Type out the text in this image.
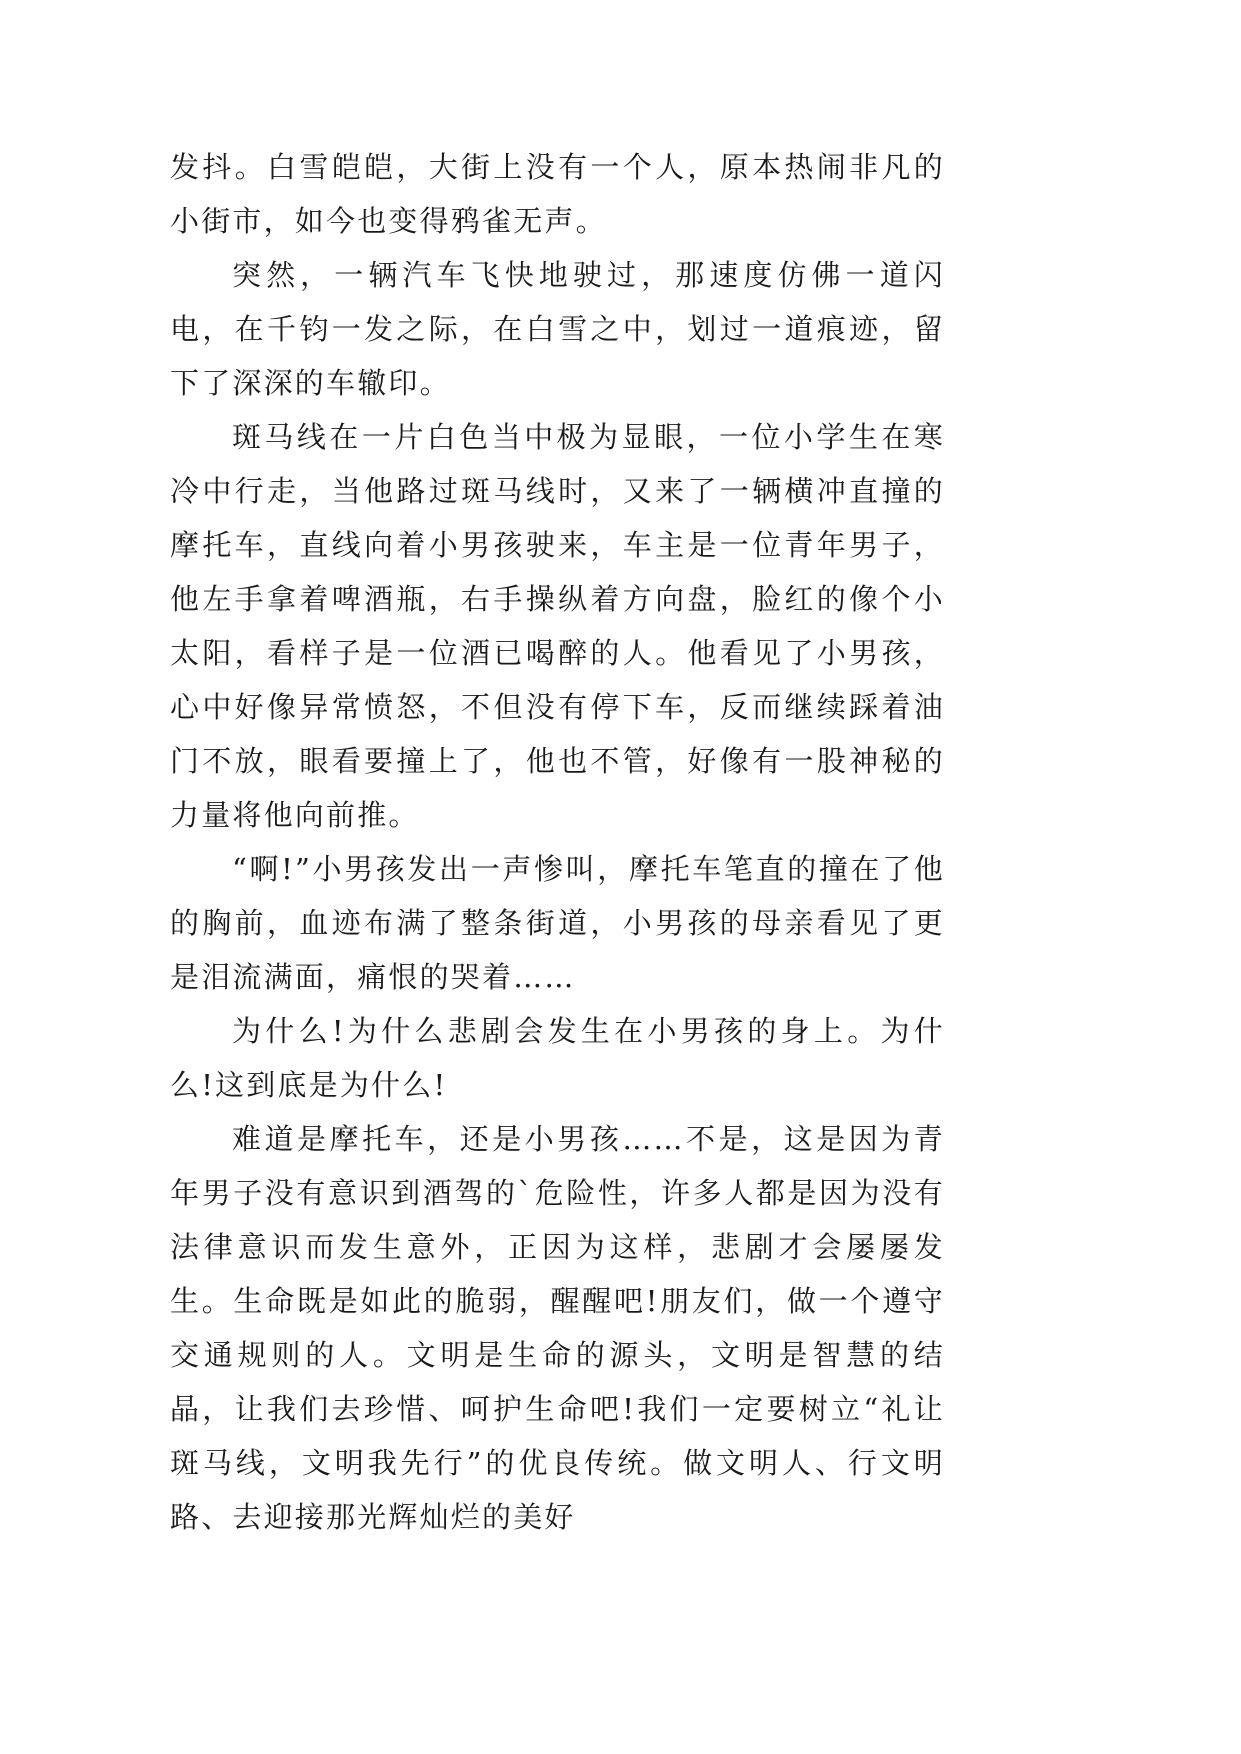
发抖。白雪皑皑，大街上没有一个人，原本热闹非凡的小街市，如今也变得鸦雀无声。

突然，一辆汽车飞快地驶过，那速度仿佛一道闪电，在千钧一发之际，在白雪之中，划过一道痕迹，留下了深深的车辙印。

斑马线在一片白色当中极为显眼，一位小学生在寒冷中行走，当他路过斑马线时，又来了一辆横冲直撞的摩托车，直线向着小男孩驶来，车主是一位青年男子，他左手拿着啤酒瓶，右手操纵着方向盘，脸红的像个小太阳，看样子是一位酒已喝醉的人。他看见了小男孩，心中好像异常愤怒，不但没有停下车，反而继续踩着油门不放，眼看要撞上了，他也不管，好像有一股神秘的力量将他向前推。

“啊!”小男孩发出一声惨叫，摩托车笔直的撞在了他的胸前，血迹布满了整条街道，小男孩的母亲看见了更是泪流满面，痛恨的哭着……

为什么!为什么悲剧会发生在小男孩的身上。为什么!这到底是为什么!

难道是摩托车，还是小男孩……不是，这是因为青年男子没有意识到酒驾的`危险性，许多人都是因为没有法律意识而发生意外，正因为这样，悲剧才会屡屡发生。生命既是如此的脆弱，醒醒吧!朋友们，做一个遵守交通规则的人。文明是生命的源头，文明是智慧的结晶，让我们去珍惜、呵护生命吧!我们一定要树立“礼让斑马线，文明我先行”的优良传统。做文明人、行文明路、去迎接那光辉灿烂的美好
